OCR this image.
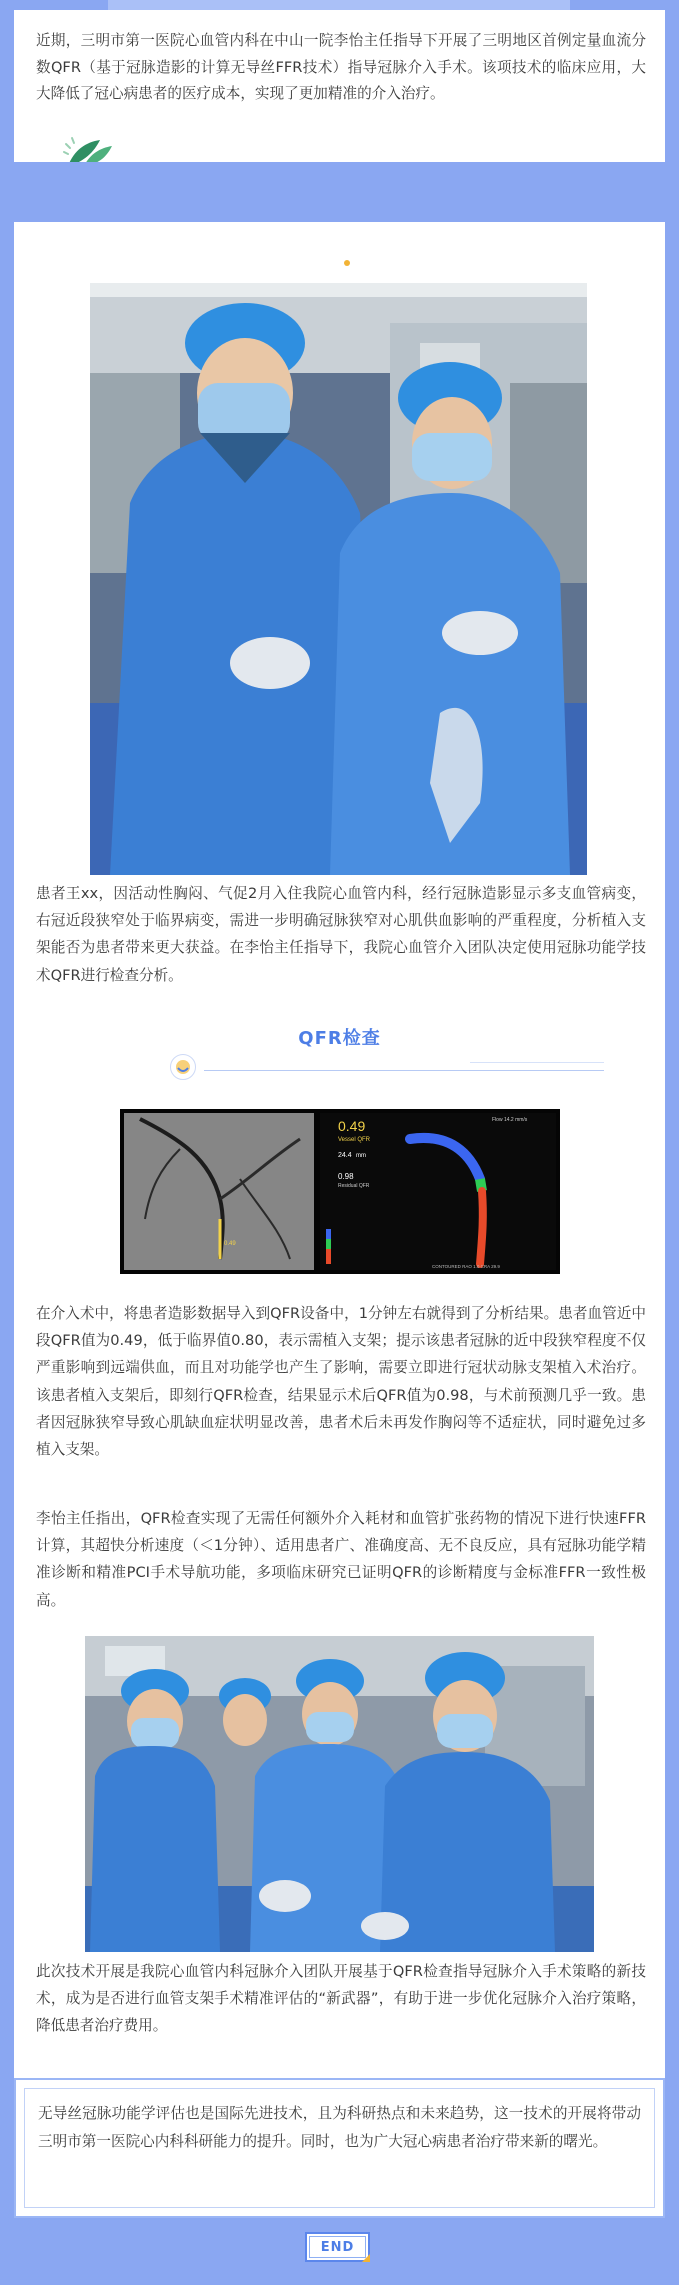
近期，三明市第一医院心血管内科在中山一院李怡主任指导下开展了三明地区首例定量血流分数QFR（基于冠脉造影的计算无导丝FFR技术）指导冠脉介入手术。该项技术的临床应用，大大降低了冠心病患者的医疗成本，实现了更加精准的介入治疗。

患者王xx，因活动性胸闷、气促2月入住我院心血管内科，经行冠脉造影显示多支血管病变，右冠近段狭窄处于临界病变，需进一步明确冠脉狭窄对心肌供血影响的严重程度，分析植入支架能否为患者带来更大获益。在李怡主任指导下，我院心血管介入团队决定使用冠脉功能学技术QFR进行检查分析。

QFR检查
0.49
Vessel QFR
24.4 mm
0.98
Residual QFR
Flow 14.2 mm/s
CONTOURED RAO 1.0 CRA 29.9
0.49

在介入术中，将患者造影数据导入到QFR设备中，1分钟左右就得到了分析结果。患者血管近中段QFR值为0.49，低于临界值0.80，表示需植入支架；提示该患者冠脉的近中段狭窄程度不仅严重影响到远端供血，而且对功能学也产生了影响，需要立即进行冠状动脉支架植入术治疗。该患者植入支架后，即刻行QFR检查，结果显示术后QFR值为0.98，与术前预测几乎一致。患者因冠脉狭窄导致心肌缺血症状明显改善，患者术后未再发作胸闷等不适症状，同时避免过多植入支架。

李怡主任指出，QFR检查实现了无需任何额外介入耗材和血管扩张药物的情况下进行快速FFR计算，其超快分析速度（＜1分钟）、适用患者广、准确度高、无不良反应，具有冠脉功能学精准诊断和精准PCI手术导航功能，多项临床研究已证明QFR的诊断精度与金标准FFR一致性极高。

此次技术开展是我院心血管内科冠脉介入团队开展基于QFR检查指导冠脉介入手术策略的新技术，成为是否进行血管支架手术精准评估的“新武器”，有助于进一步优化冠脉介入治疗策略，降低患者治疗费用。

无导丝冠脉功能学评估也是国际先进技术，且为科研热点和未来趋势，这一技术的开展将带动三明市第一医院心内科科研能力的提升。同时，也为广大冠心病患者治疗带来新的曙光。

END
